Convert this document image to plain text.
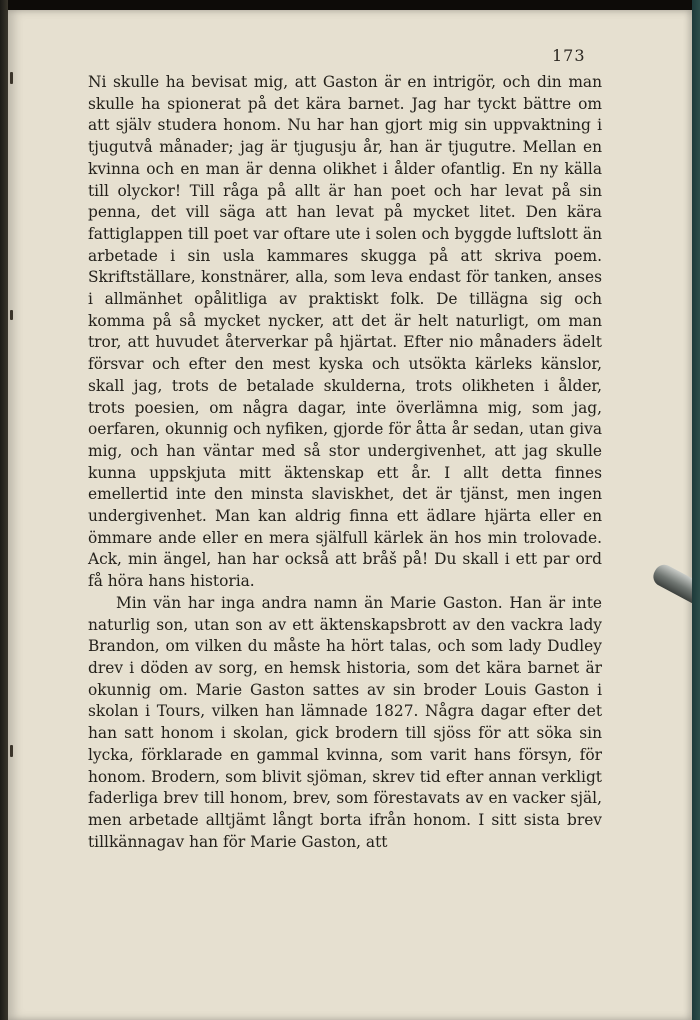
173

Ni skulle ha bevisat mig, att Gaston är en intrigör, och din man skulle ha spionerat på det kära barnet. Jag har tyckt bättre om att själv studera honom. Nu har han gjort mig sin uppvaktning i tjugutvå månader; jag är tjugusju år, han är tjugutre. Mellan en kvinna och en man är denna olikhet i ålder ofantlig. En ny källa till olyckor! Till råga på allt är han poet och har levat på sin penna, det vill säga att han levat på mycket litet. Den kära fattiglappen till poet var oftare ute i solen och byggde luftslott än arbetade i sin usla kammares skugga på att skriva poem. Skriftställare, konstnärer, alla, som leva endast för tanken, anses i allmänhet opålitliga av praktiskt folk. De tillägna sig och komma på så mycket nycker, att det är helt naturligt, om man tror, att huvudet återverkar på hjärtat. Efter nio månaders ädelt försvar och efter den mest kyska och utsökta kärleks känslor, skall jag, trots de betalade skulderna, trots olikheten i ålder, trots poesien, om några dagar, inte överlämna mig, som jag, oerfaren, okunnig och nyfiken, gjorde för åtta år sedan, utan giva mig, och han väntar med så stor undergivenhet, att jag skulle kunna uppskjuta mitt äktenskap ett år. I allt detta finnes emellertid inte den minsta slaviskhet, det är tjänst, men ingen undergivenhet. Man kan aldrig finna ett ädlare hjärta eller en ömmare ande eller en mera själfull kärlek än hos min trolovade. Ack, min ängel, han har också att bråš på! Du skall i ett par ord få höra hans historia.

Min vän har inga andra namn än Marie Gaston. Han är inte naturlig son, utan son av ett äktenskapsbrott av den vackra lady Brandon, om vilken du måste ha hört talas, och som lady Dudley drev i döden av sorg, en hemsk historia, som det kära barnet är okunnig om. Marie Gaston sattes av sin broder Louis Gaston i skolan i Tours, vilken han lämnade 1827. Några dagar efter det han satt honom i skolan, gick brodern till sjöss för att söka sin lycka, förklarade en gammal kvinna, som varit hans försyn, för honom. Brodern, som blivit sjöman, skrev tid efter annan verkligt faderliga brev till honom, brev, som förestavats av en vacker själ, men arbetade alltjämt långt borta ifrån honom. I sitt sista brev tillkännagav han för Marie Gaston, att
